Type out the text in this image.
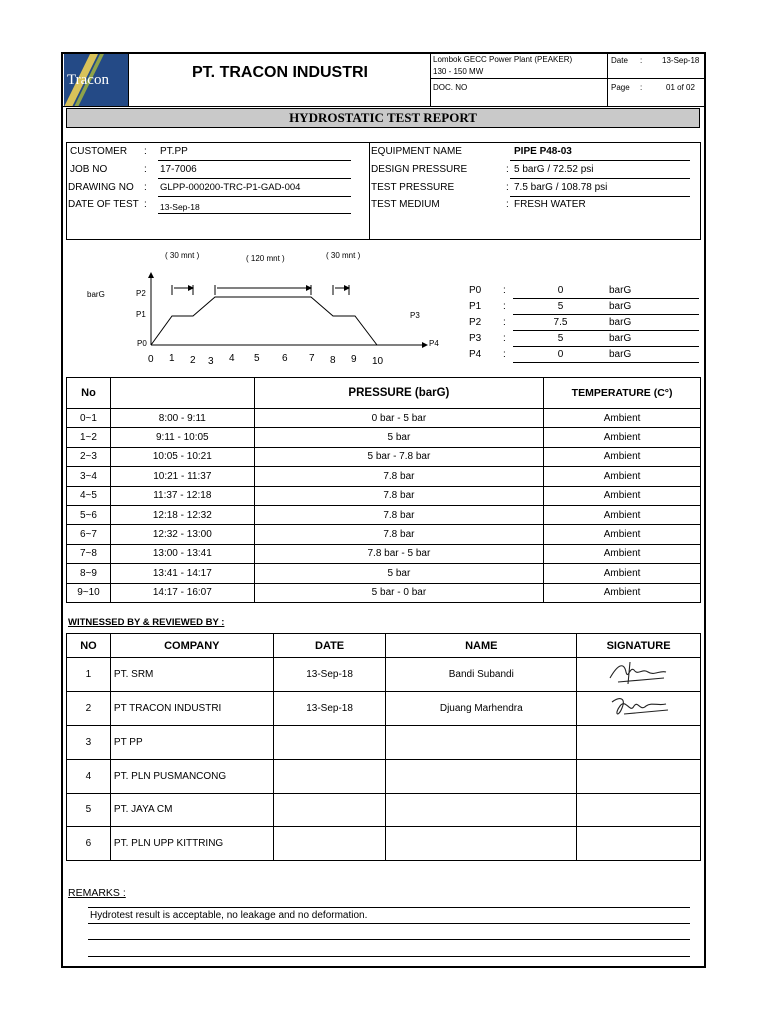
Tracon	PT. TRACON INDUSTRI
Lombok GECC Power Plant (PEAKER)
130 - 150 MW
DOC. NO
Date : 13-Sep-18
Page :	01 of 02
HYDROSTATIC TEST REPORT
CUSTOMER : PT.PP
JOB NO	: 17-7006
DRAWING NO : GLPP-000200-TRC-P1-GAD-004
DATE OF TEST : 13-Sep-18
EQUIPMENT NAME	PIPE P48-03
DESIGN PRESSURE	: 5 barG / 72.52 psi
TEST PRESSURE	: 7.5 barG / 108.78 psi
TEST MEDIUM	: FRESH WATER
( 30 mnt )	( 120 mnt )	( 30 mnt )
barG	P2
P1
P0
P3
P4
0 1 2 3 4 5 6 7 8 9 10
P0 :	0	barG
P1 :	5	barG
P2 :	7.5	barG
P3 :	5	barG
P4 :	0	barG
No		PRESSURE (barG)	TEMPERATURE (C°)
0~1	8:00 - 9:11	0 bar - 5 bar	Ambient
1~2	9:11 - 10:05	5 bar	Ambient
2~3	10:05 - 10:21	5 bar - 7.8 bar	Ambient
3~4	10:21 - 11:37	7.8 bar	Ambient
4~5	11:37 - 12:18	7.8 bar	Ambient
5~6	12:18 - 12:32	7.8 bar	Ambient
6~7	12:32 - 13:00	7.8 bar	Ambient
7~8	13:00 - 13:41	7.8 bar - 5 bar	Ambient
8~9	13:41 - 14:17	5 bar	Ambient
9~10	14:17 - 16:07	5 bar - 0 bar	Ambient
WITNESSED BY & REVIEWED BY :
NO	COMPANY	DATE	NAME	SIGNATURE
1	PT. SRM	13-Sep-18	Bandi Subandi	
2	PT TRACON INDUSTRI	13-Sep-18	Djuang Marhendra	
3	PT PP			
4	PT. PLN PUSMANCONG			
5	PT. JAYA CM			
6	PT. PLN UPP KITTRING			
REMARKS :
Hydrotest result is acceptable, no leakage and no deformation.
